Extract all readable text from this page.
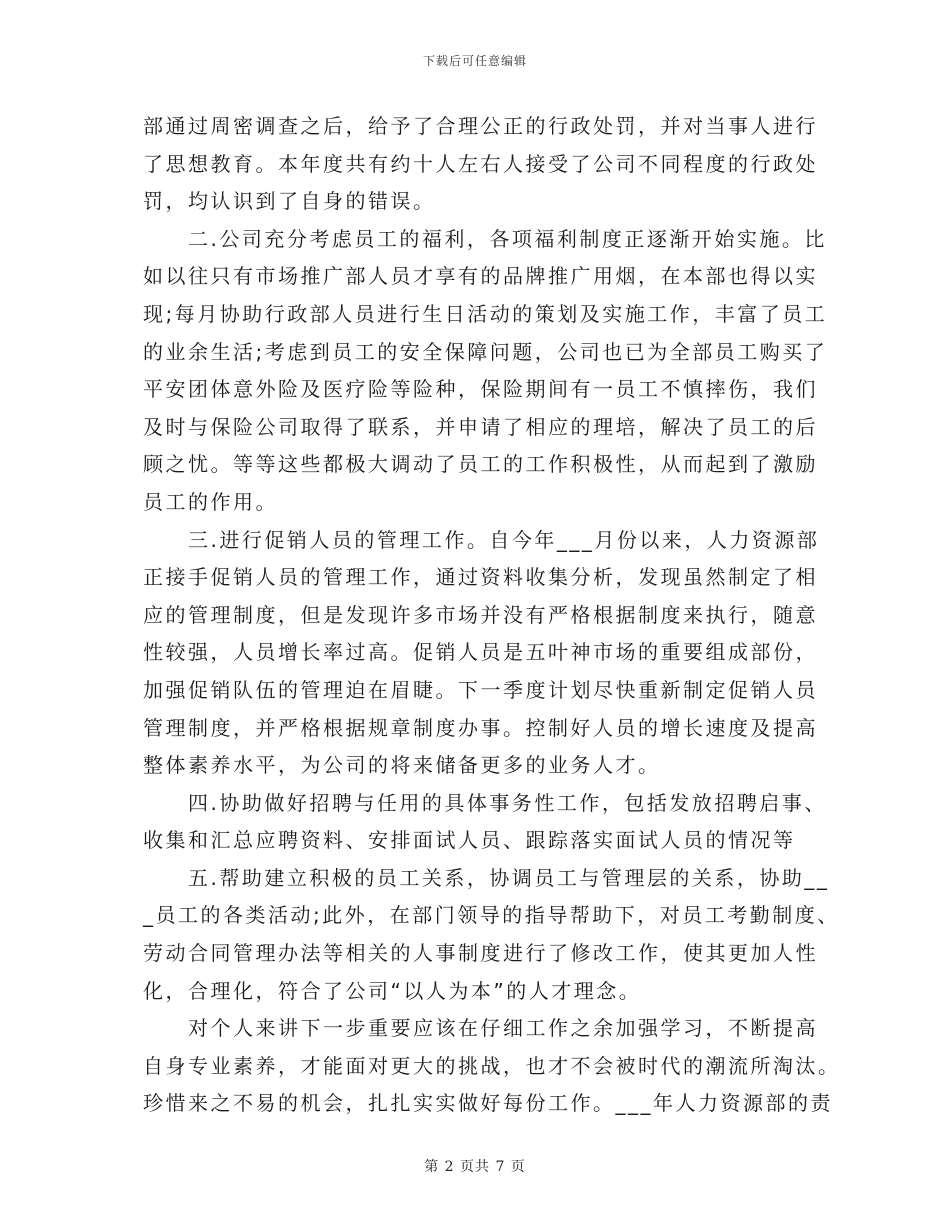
下载后可任意编辑
部通过周密调查之后，给予了合理公正的行政处罚，并对当事人进行
了思想教育。本年度共有约十人左右人接受了公司不同程度的行政处
罚，均认识到了自身的错误。
二.公司充分考虑员工的福利，各项福利制度正逐渐开始实施。比
如以往只有市场推广部人员才享有的品牌推广用烟，在本部也得以实
现;每月协助行政部人员进行生日活动的策划及实施工作，丰富了员工
的业余生活;考虑到员工的安全保障问题，公司也已为全部员工购买了
平安团体意外险及医疗险等险种，保险期间有一员工不慎摔伤，我们
及时与保险公司取得了联系，并申请了相应的理培，解决了员工的后
顾之忧。等等这些都极大调动了员工的工作积极性，从而起到了激励
员工的作用。
三.进行促销人员的管理工作。自今年___月份以来，人力资源部
正接手促销人员的管理工作，通过资料收集分析，发现虽然制定了相
应的管理制度，但是发现许多市场并没有严格根据制度来执行，随意
性较强，人员增长率过高。促销人员是五叶神市场的重要组成部份，
加强促销队伍的管理迫在眉睫。下一季度计划尽快重新制定促销人员
管理制度，并严格根据规章制度办事。控制好人员的增长速度及提高
整体素养水平，为公司的将来储备更多的业务人才。
四.协助做好招聘与任用的具体事务性工作，包括发放招聘启事、
收集和汇总应聘资料、安排面试人员、跟踪落实面试人员的情况等
五.帮助建立积极的员工关系，协调员工与管理层的关系，协助__
_员工的各类活动;此外，在部门领导的指导帮助下，对员工考勤制度、
劳动合同管理办法等相关的人事制度进行了修改工作，使其更加人性
化，合理化，符合了公司“以人为本”的人才理念。
对个人来讲下一步重要应该在仔细工作之余加强学习，不断提高
自身专业素养，才能面对更大的挑战，也才不会被时代的潮流所淘汰。
珍惜来之不易的机会，扎扎实实做好每份工作。___年人力资源部的责
第 2 页共 7 页
